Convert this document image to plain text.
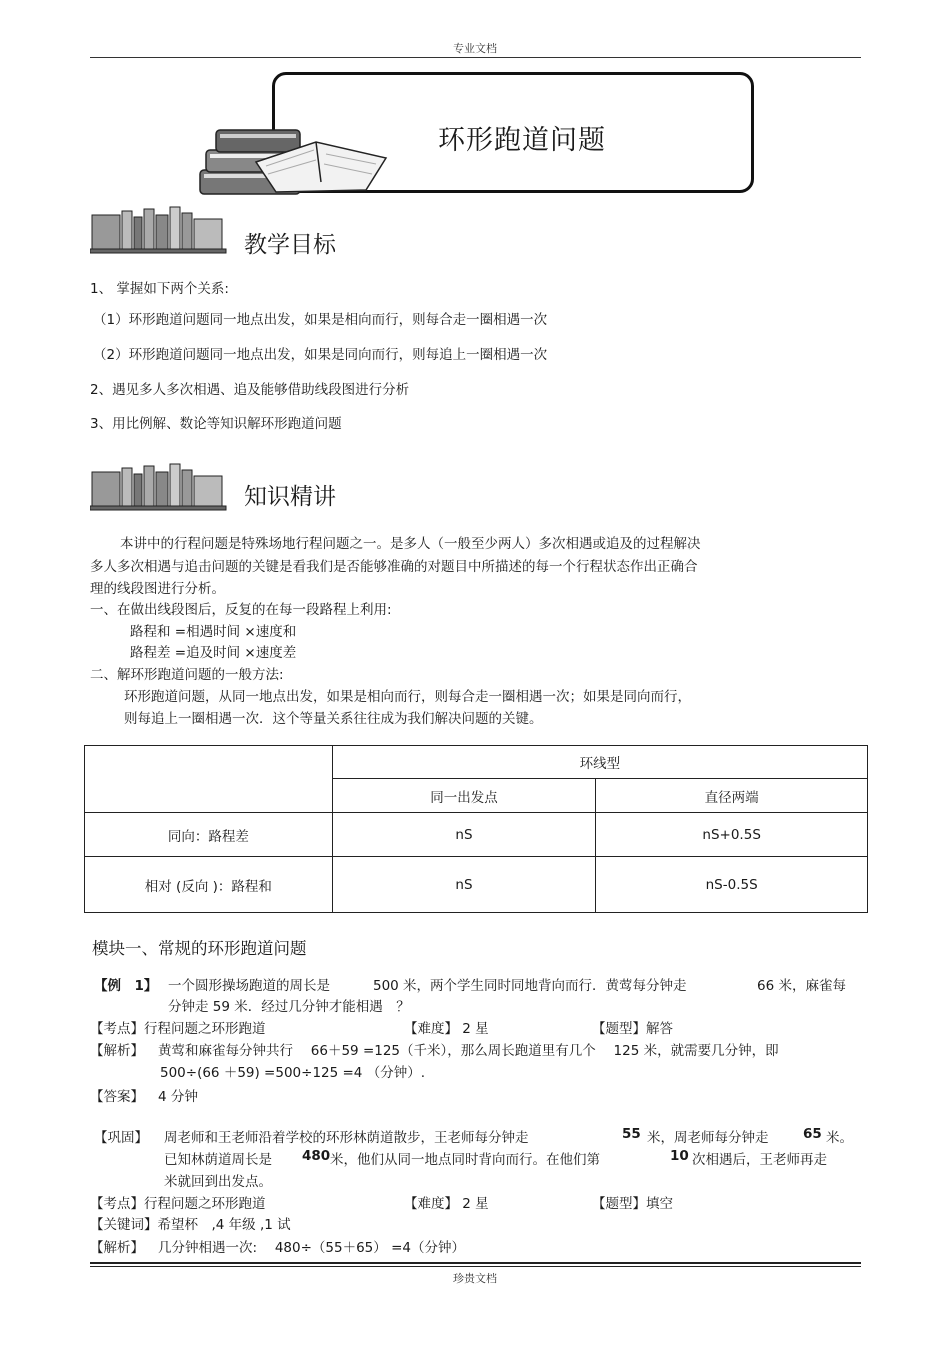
专业文档
环形跑道问题
教学目标
1、 掌握如下两个关系:
（1）环形跑道问题同一地点出发，如果是相向而行，则每合走一圈相遇一次
（2）环形跑道问题同一地点出发，如果是同向而行，则每追上一圈相遇一次
2、遇见多人多次相遇、追及能够借助线段图进行分析
3、用比例解、数论等知识解环形跑道问题
知识精讲
本讲中的行程问题是特殊场地行程问题之一。是多人（一般至少两人）多次相遇或追及的过程解决
多人多次相遇与追击问题的关键是看我们是否能够准确的对题目中所描述的每一个行程状态作出正确合
理的线段图进行分析。
一、在做出线段图后，反复的在每一段路程上利用:
路程和 =相遇时间 ×速度和
路程差 =追及时间 ×速度差
二、解环形跑道问题的一般方法:
环形跑道问题，从同一地点出发，如果是相向而行，则每合走一圈相遇一次；如果是同向而行，
则每追上一圈相遇一次．这个等量关系往往成为我们解决问题的关键。
	环线型	
	同一出发点	直径两端
同向：路程差	nS	nS+0.5S
相对 (反向 )：路程和	nS	nS-0.5S
模块一、常规的环形跑道问题
【例　1】 一个圆形操场跑道的周长是	500 米，两个学生同时同地背向而行．黄莺每分钟走	66 米，麻雀每
分钟走 59 米．经过几分钟才能相遇　？
【考点】行程问题之环形跑道	【难度】 2 星	【题型】解答
【解析】 黄莺和麻雀每分钟共行　 66＋59 =125（千米），那么周长跑道里有几个　 125 米，就需要几分钟，即
500÷(66 ＋59) =500÷125 =4 （分钟）.
【答案】 4 分钟
【巩固】 周老师和王老师沿着学校的环形林荫道散步，王老师每分钟走	55 米，周老师每分钟走	65 米。
已知林荫道周长是 480 米，他们从同一地点同时背向而行。在他们第	10 次相遇后，王老师再走
米就回到出发点。
【考点】行程问题之环形跑道	【难度】 2 星	【题型】填空
【关键词】希望杯　,4 年级 ,1 试
【解析】 几分钟相遇一次:　 480÷（55＋65） =4（分钟）
珍贵文档
